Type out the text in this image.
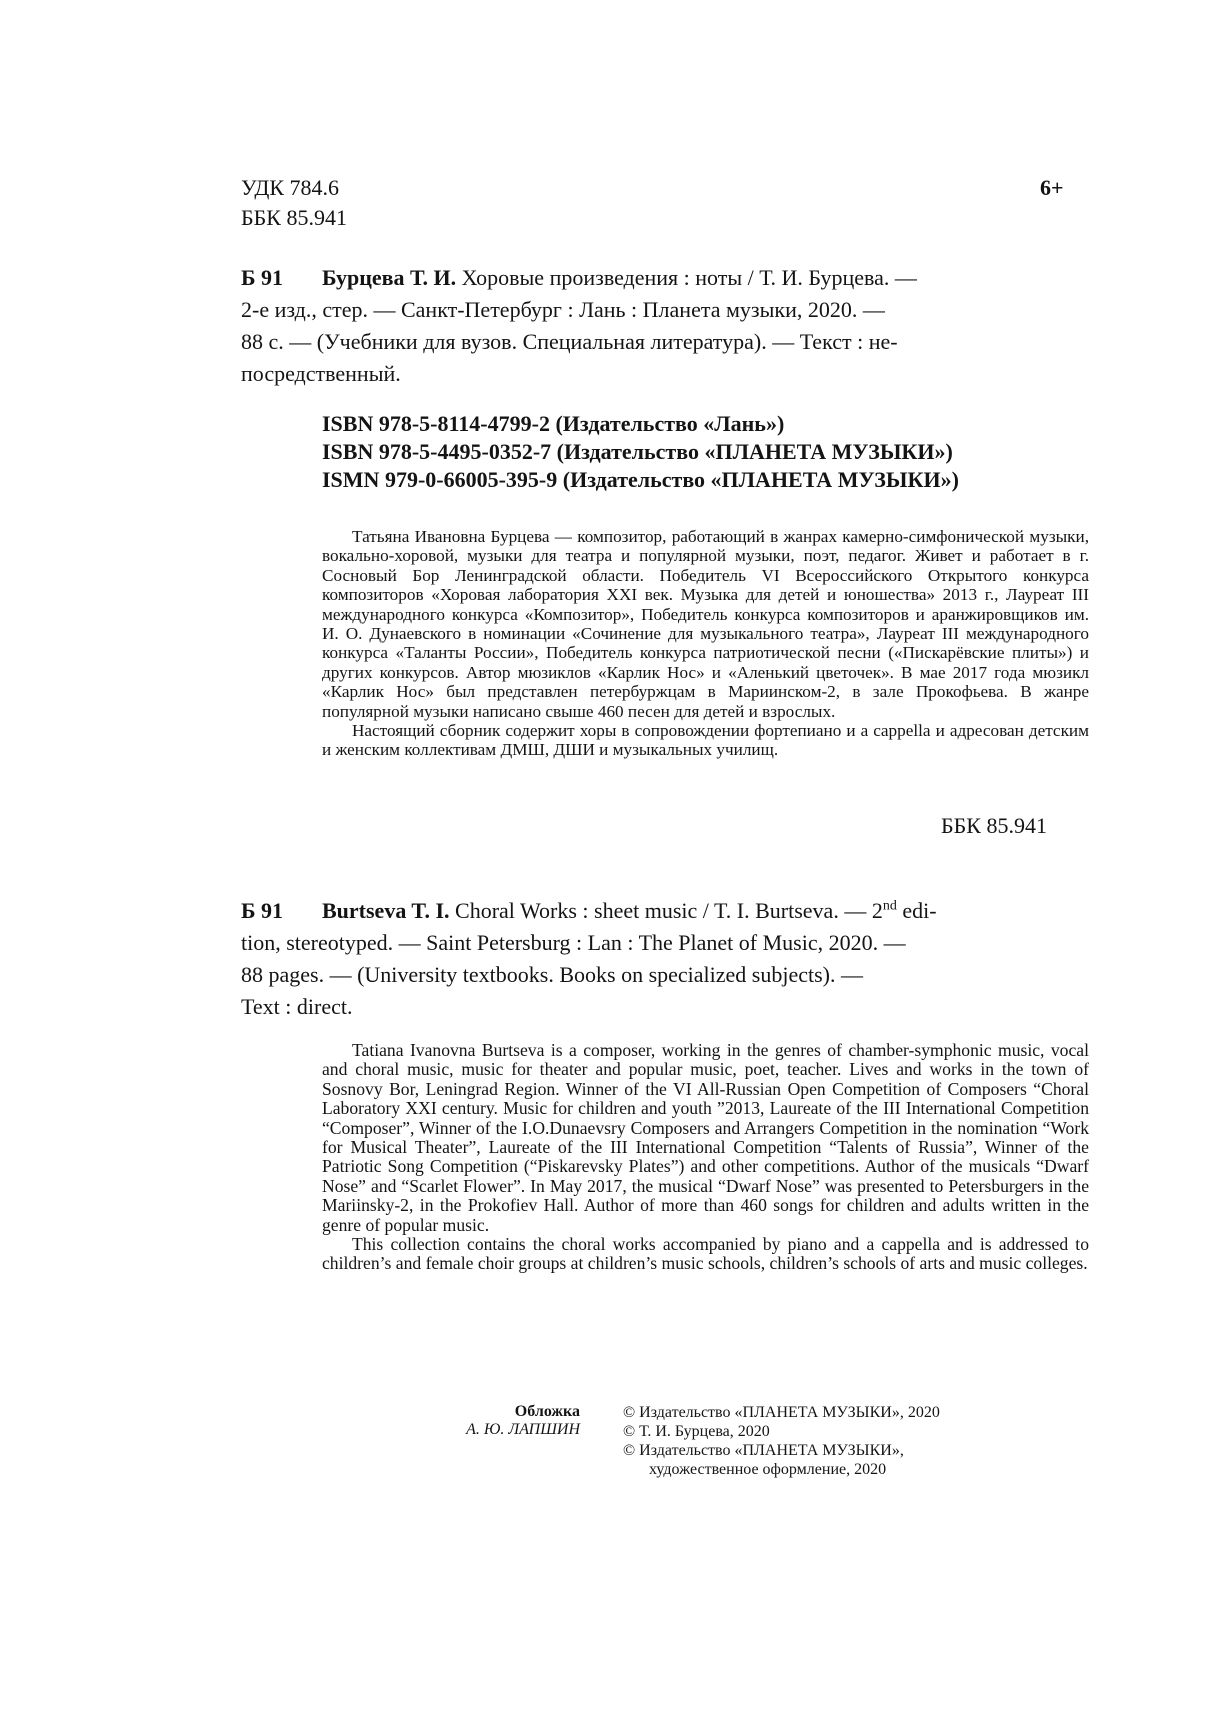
УДК 784.6
ББК 85.941
6+
Б 91 Бурцева Т. И. Хоровые произведения : ноты / Т. И. Бурцева. —
2-е изд., стер. — Санкт-Петербург : Лань : Планета музыки, 2020. —
88 с. — (Учебники для вузов. Специальная литература). — Текст : не-
посредственный.
ISBN 978-5-8114-4799-2 (Издательство «Лань»)
ISBN 978-5-4495-0352-7 (Издательство «ПЛАНЕТА МУЗЫКИ»)
ISMN 979-0-66005-395-9 (Издательство «ПЛАНЕТА МУЗЫКИ»)

Татьяна Ивановна Бурцева — композитор, работающий в жанрах камерно-симфонической музыки, вокально-хоровой, музыки для театра и популярной музыки, поэт, педагог. Живет и работает в г. Сосновый Бор Ленинградской области. Победитель VI Всероссийского Открытого конкурса композиторов «Хоровая лаборатория XXI век. Музыка для детей и юношества» 2013 г., Лауреат III международного конкурса «Композитор», Победитель конкурса композиторов и аранжировщиков им. И. О. Дунаевского в номинации «Сочинение для музыкального театра», Лауреат III международного конкурса «Таланты России», Победитель конкурса патриотической песни («Пискарёвские плиты») и других конкурсов. Автор мюзиклов «Карлик Нос» и «Аленький цветочек». В мае 2017 года мюзикл «Карлик Нос» был представлен петербуржцам в Мариинском-2, в зале Прокофьева. В жанре популярной музыки написано свыше 460 песен для детей и взрослых.

Настоящий сборник содержит хоры в сопровождении фортепиано и a cappella и адресован детским и женским коллективам ДМШ, ДШИ и музыкальных училищ.

ББК 85.941
Б 91 Burtseva T. I. Choral Works : sheet music / T. I. Burtseva. — 2nd edi-
tion, stereotyped. — Saint Petersburg : Lan : The Planet of Music, 2020. —
88 pages. — (University textbooks. Books on specialized subjects). —
Text : direct.

Tatiana Ivanovna Burtseva is a composer, working in the genres of chamber-symphonic music, vocal and choral music, music for theater and popular music, poet, teacher. Lives and works in the town of Sosnovy Bor, Leningrad Region. Winner of the VI All-Russian Open Competition of Composers “Choral Laboratory XXI century. Music for children and youth ”2013, Laureate of the III International Competition “Composer”, Winner of the I.O.Dunaevsry Composers and Arrangers Competition in the nomination “Work for Musical Theater”, Laureate of the III International Competition “Talents of Russia”, Winner of the Patriotic Song Competition (“Piskarevsky Plates”) and other competitions. Author of the musicals “Dwarf Nose” and “Scarlet Flower”. In May 2017, the musical “Dwarf Nose” was presented to Petersburgers in the Mariinsky-2, in the Prokofiev Hall. Author of more than 460 songs for children and adults written in the genre of popular music.

This collection contains the choral works accompanied by piano and a cappella and is addressed to children’s and female choir groups at children’s music schools, children’s schools of arts and music colleges.

Обложка
А. Ю. ЛАПШИН
© Издательство «ПЛАНЕТА МУЗЫКИ», 2020
© Т. И. Бурцева, 2020
© Издательство «ПЛАНЕТА МУЗЫКИ»,
художественное оформление, 2020
